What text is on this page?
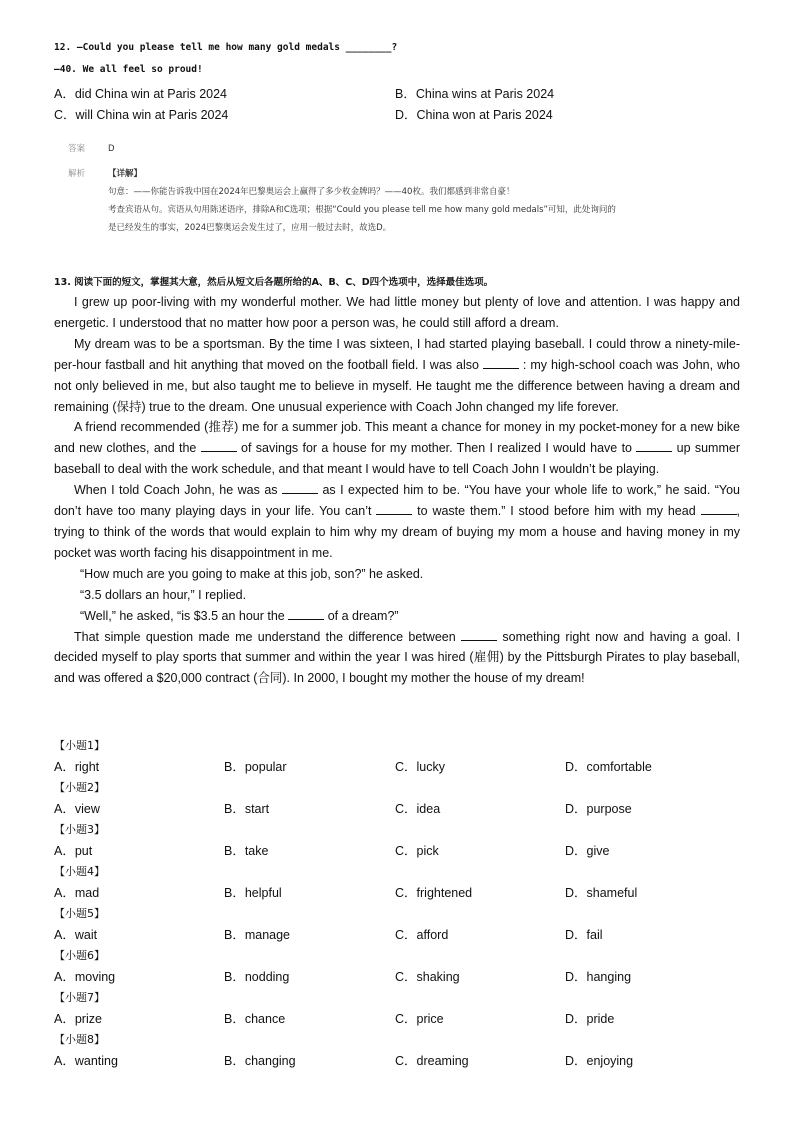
12. —Could you please tell me how many gold medals ________?
—40. We all feel so proud!
A．did China win at Paris 2024	B．China wins at Paris 2024
C．will China win at Paris 2024	D．China won at Paris 2024
答案	D
解析	【详解】
句意：——你能告诉我中国在2024年巴黎奥运会上赢得了多少枚金牌吗？——40枚。我们都感到非常自豪！
考查宾语从句。宾语从句用陈述语序，排除A和C选项；根据“Could you please tell me how many gold medals”可知，此处询问的
是已经发生的事实，2024巴黎奥运会发生过了，应用一般过去时，故选D。
13. 阅读下面的短文，掌握其大意，然后从短文后各题所给的A、B、C、D四个选项中，选择最佳选项。

I grew up poor-living with my wonderful mother. We had little money but plenty of love and attention. I was happy and energetic. I understood that no matter how poor a person was, he could still afford a dream.

My dream was to be a sportsman. By the time I was sixteen, I had started playing baseball. I could throw a ninety-mile-per-hour fastball and hit anything that moved on the football field. I was also	: my high-school coach was John, who not only believed in me, but also taught me to believe in myself. He taught me the difference between having a dream and remaining (保持) true to the dream. One unusual experience with Coach John changed my life forever.

A friend recommended (推荐) me for a summer job. This meant a chance for money in my pocket-money for a new bike and new clothes, and the	of savings for a house for my mother. Then I realized I would have to	up summer baseball to deal with the work schedule, and that meant I would have to tell Coach John I wouldn’t be playing.

When I told Coach John, he was as	as I expected him to be. “You have your whole life to work,” he said. “You don’t have too many playing days in your life. You can’t	to waste them.” I stood before him with my head	, trying to think of the words that would explain to him why my dream of buying my mom a house and having money in my pocket was worth facing his disappointment in me.

“How much are you going to make at this job, son?” he asked.

“3.5 dollars an hour,” I replied.

“Well,” he asked, “is $3.5 an hour the	of a dream?”

That simple question made me understand the difference between	something right now and having a goal. I decided myself to play sports that summer and within the year I was hired (雇佣) by the Pittsburgh Pirates to play baseball, and was offered a $20,000 contract (合同). In 2000, I bought my mother the house of my dream!

【小题1】
A．right	B．popular	C．lucky	D．comfortable
【小题2】
A．view	B．start	C．idea	D．purpose
【小题3】
A．put	B．take	C．pick	D．give
【小题4】
A．mad	B．helpful	C．frightened	D．shameful
【小题5】
A．wait	B．manage	C．afford	D．fail
【小题6】
A．moving	B．nodding	C．shaking	D．hanging
【小题7】
A．prize	B．chance	C．price	D．pride
【小题8】
A．wanting	B．changing	C．dreaming	D．enjoying
